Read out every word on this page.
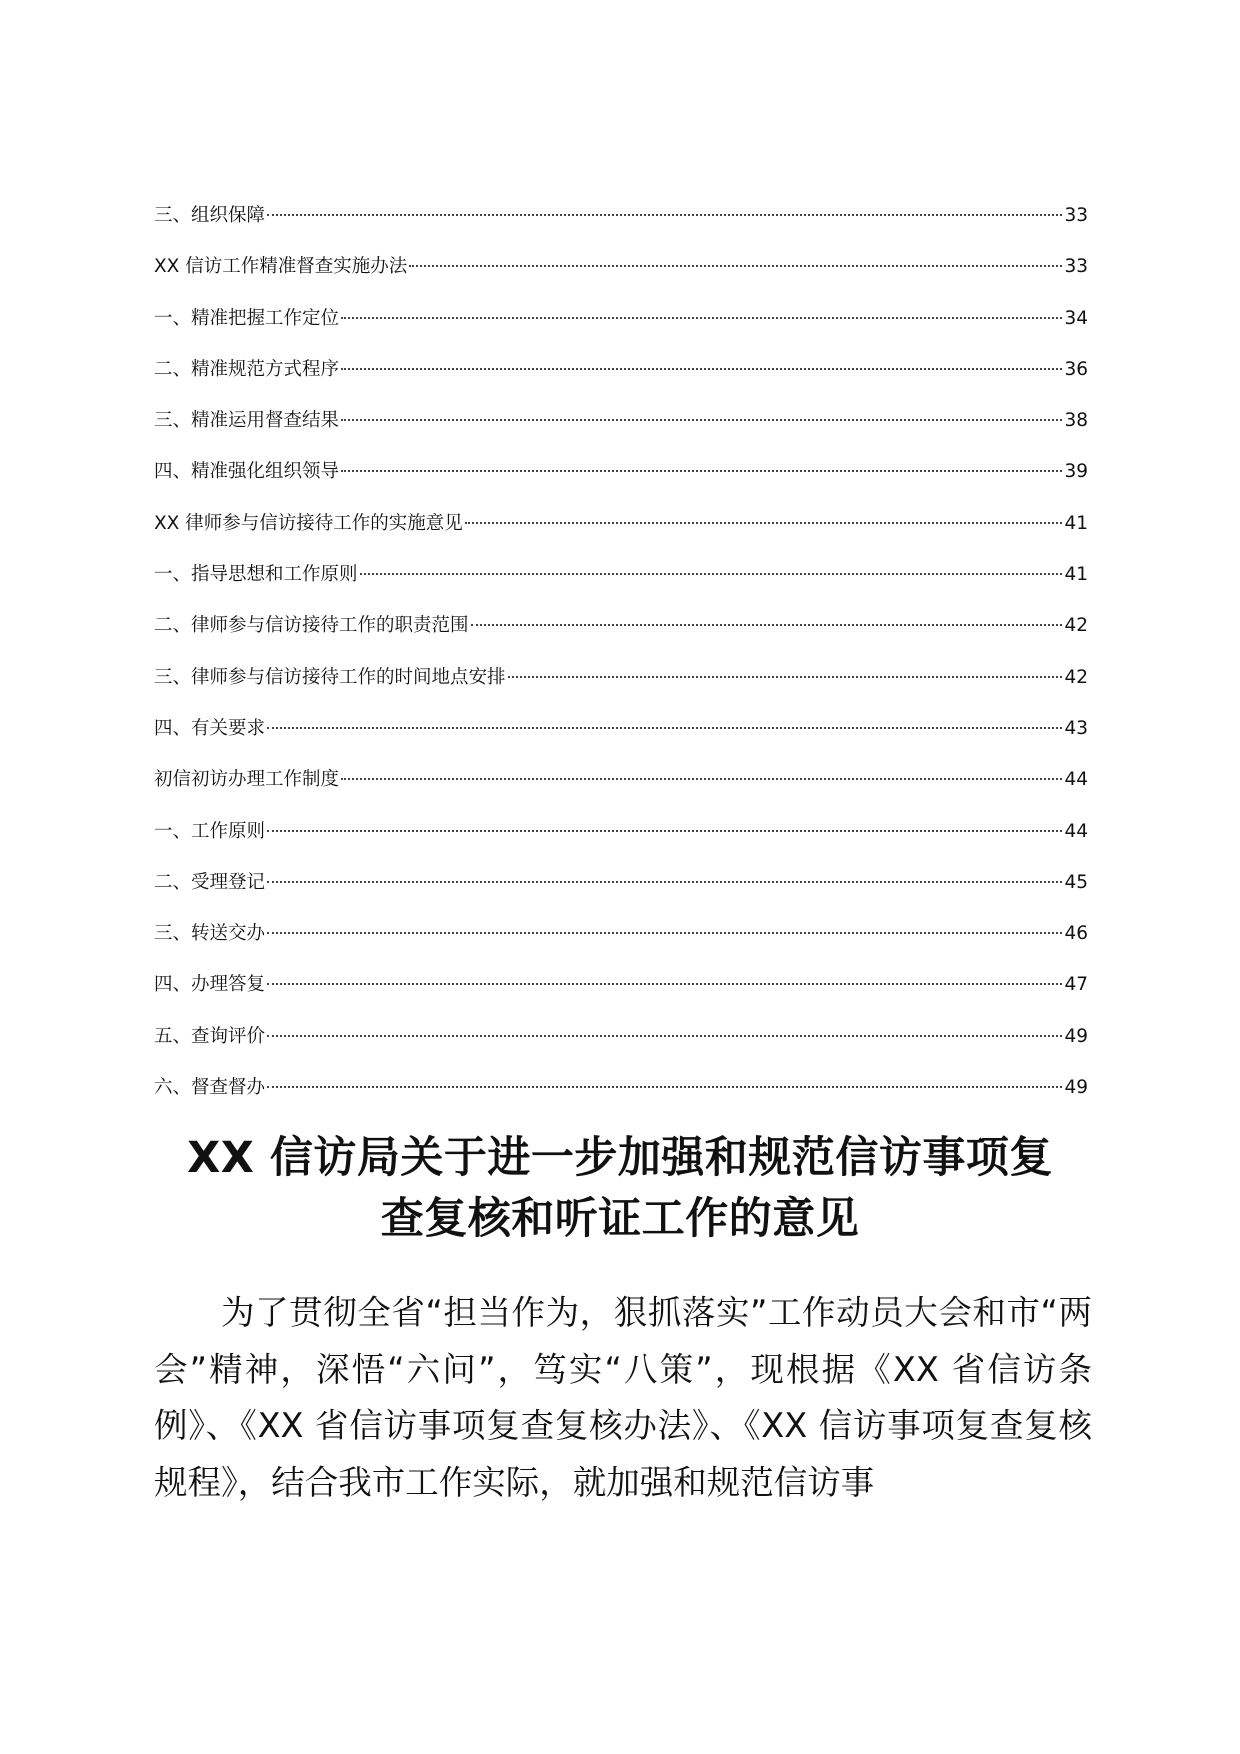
三、组织保障	33
XX 信访工作精准督查实施办法	33
一、精准把握工作定位	34
二、精准规范方式程序	36
三、精准运用督查结果	38
四、精准强化组织领导	39
XX 律师参与信访接待工作的实施意见	41
一、指导思想和工作原则	41
二、律师参与信访接待工作的职责范围	42
三、律师参与信访接待工作的时间地点安排	42
四、有关要求	43
初信初访办理工作制度	44
一、工作原则	44
二、受理登记	45
三、转送交办	46
四、办理答复	47
五、查询评价	49
六、督查督办	49
XX 信访局关于进一步加强和规范信访事项复
查复核和听证工作的意见

为了贯彻全省“担当作为，狠抓落实”工作动员大会和市“两会”精神，深悟“六问”，笃实“八策”，现根据《XX 省信访条例》、《XX 省信访事项复查复核办法》、《XX 信访事项复查复核规程》，结合我市工作实际，就加强和规范信访事
